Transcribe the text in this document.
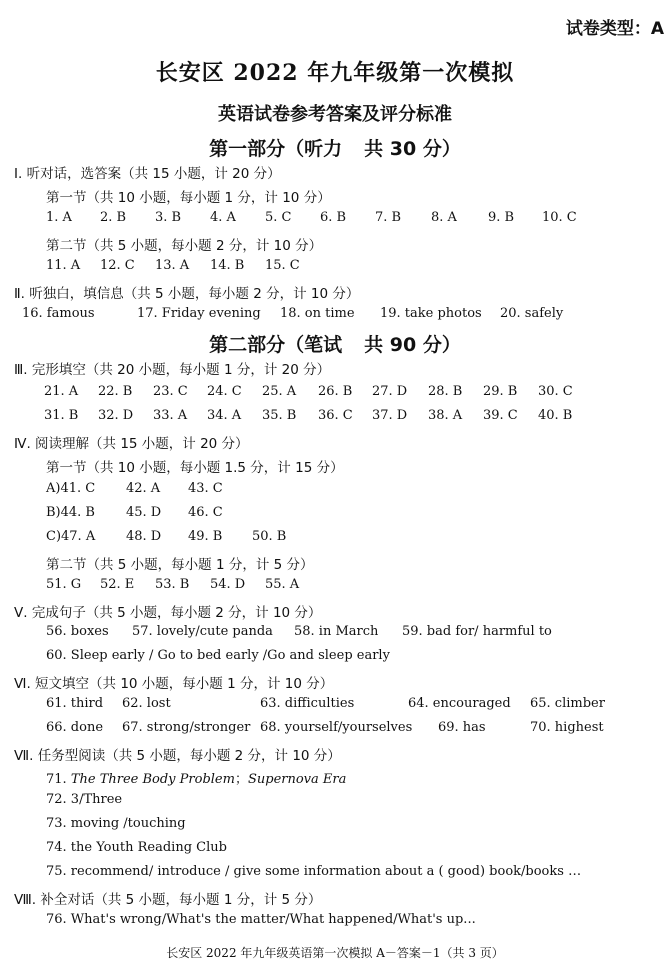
试卷类型：A
长安区 2022 年九年级第一次模拟
英语试卷参考答案及评分标准
第一部分（听力 共 30 分）
Ⅰ. 听对话，选答案（共 15 小题，计 20 分）
第一节（共 10 小题，每小题 1 分，计 10 分）
1. A 2. B 3. B 4. A 5. C 6. B 7. B 8. A 9. B 10. C
第二节（共 5 小题，每小题 2 分，计 10 分）
11. A 12. C 13. A 14. B 15. C
Ⅱ. 听独白，填信息（共 5 小题，每小题 2 分，计 10 分）
16. famous	17. Friday evening 18. on time 19. take photos 20. safely
第二部分（笔试 共 90 分）
Ⅲ. 完形填空（共 20 小题，每小题 1 分，计 20 分）
21. A 22. B 23. C 24. C 25. A 26. B 27. D 28. B 29. B 30. C
31. B 32. D 33. A 34. A 35. B 36. C 37. D 38. A 39. C 40. B
Ⅳ. 阅读理解（共 15 小题，计 20 分）
第一节（共 10 小题，每小题 1.5 分，计 15 分）
A)41. C 42. A 43. C
B)44. B 45. D 46. C
C)47. A 48. D 49. B 50. B
第二节（共 5 小题，每小题 1 分，计 5 分）
51. G 52. E 53. B 54. D 55. A
Ⅴ. 完成句子（共 5 小题，每小题 2 分，计 10 分）
56. boxes 57. lovely/cute panda 58. in March 59. bad for/ harmful to
60. Sleep early / Go to bed early /Go and sleep early
Ⅵ. 短文填空（共 10 小题，每小题 1 分，计 10 分）
61. third 62. lost	63. difficulties	64. encouraged 65. climber
66. done 67. strong/stronger 68. yourself/yourselves 69. has	70. highest
Ⅶ. 任务型阅读（共 5 小题，每小题 2 分，计 10 分）
71. The Three Body Problem；Supernova Era
72. 3/Three
73. moving /touching
74. the Youth Reading Club
75. recommend/ introduce / give some information about a ( good) book/books …
Ⅷ. 补全对话（共 5 小题，每小题 1 分，计 5 分）
76. What's wrong/What's the matter/What happened/What's up...
长安区 2022 年九年级英语第一次模拟 A－答案－1（共 3 页）
